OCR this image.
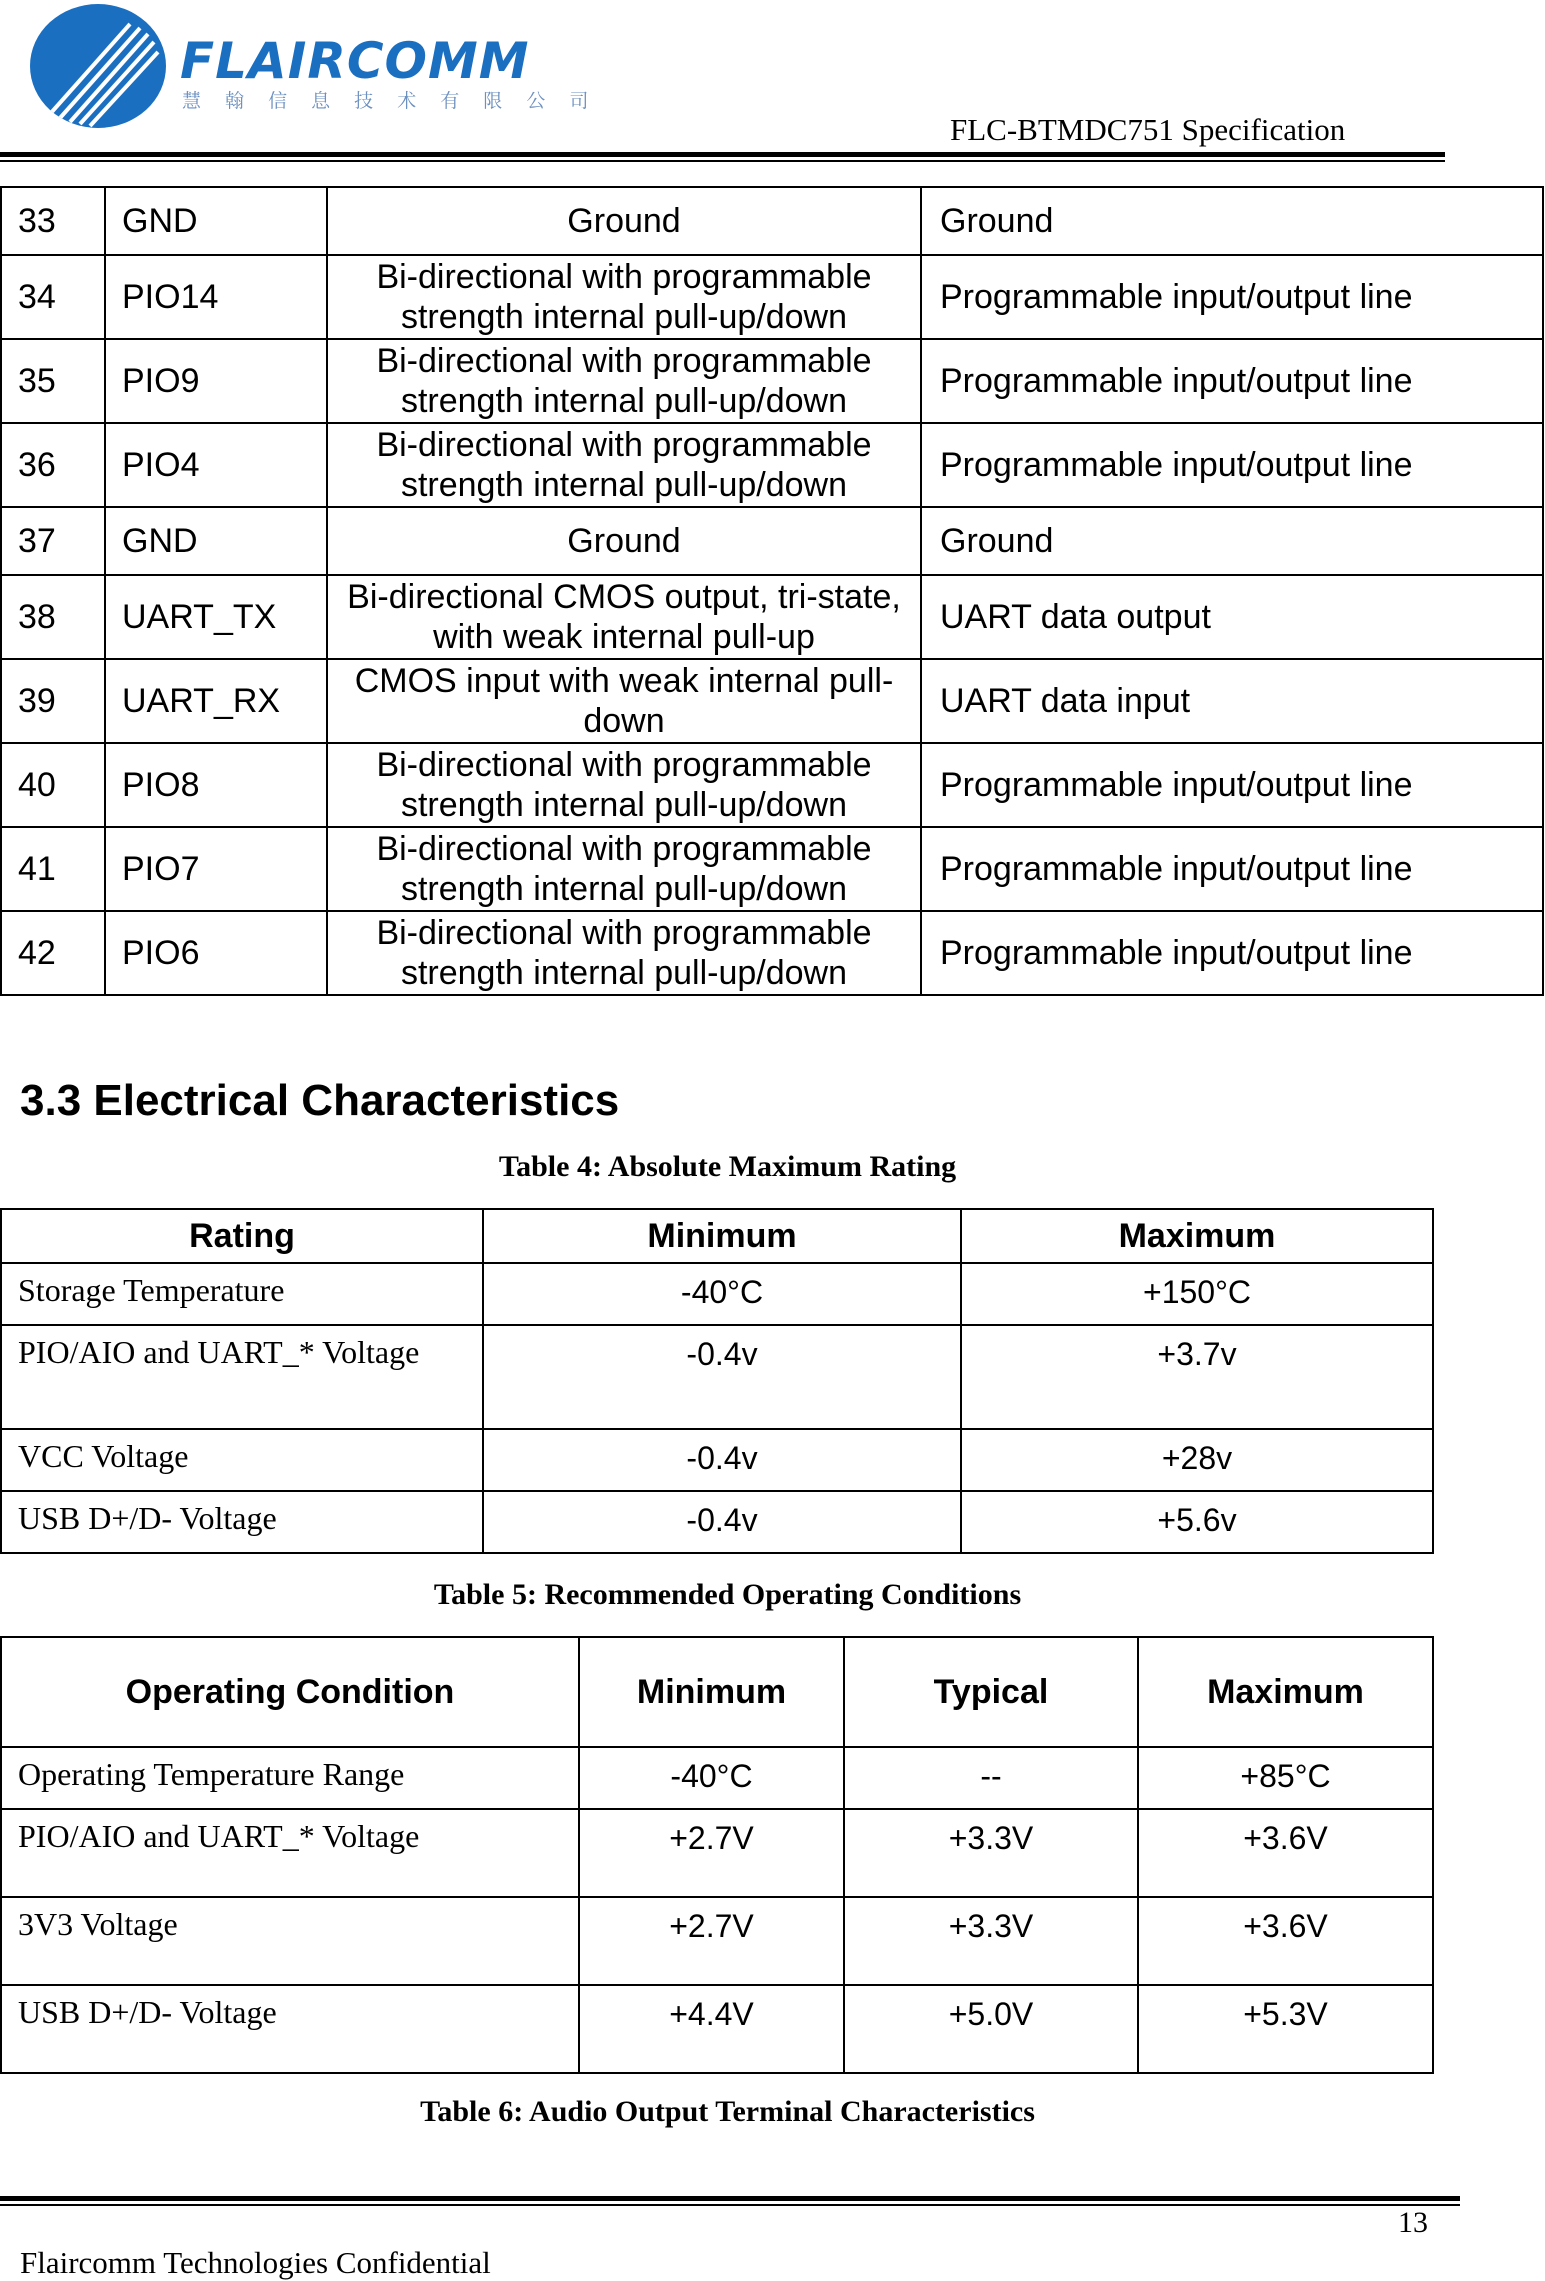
FLAIRCOMM
慧 翰 信 息 技 术 有 限 公 司
FLC-BTMDC751 Specification
33	GND	Ground	Ground
34	PIO14	Bi-directional with programmable strength internal pull-up/down	Programmable input/output line
35	PIO9	Bi-directional with programmable strength internal pull-up/down	Programmable input/output line
36	PIO4	Bi-directional with programmable strength internal pull-up/down	Programmable input/output line
37	GND	Ground	Ground
38	UART_TX	Bi-directional CMOS output, tri-state, with weak internal pull-up	UART data output
39	UART_RX	CMOS input with weak internal pull-down	UART data input
40	PIO8	Bi-directional with programmable strength internal pull-up/down	Programmable input/output line
41	PIO7	Bi-directional with programmable strength internal pull-up/down	Programmable input/output line
42	PIO6	Bi-directional with programmable strength internal pull-up/down	Programmable input/output line
3.3 Electrical Characteristics
Table 4: Absolute Maximum Rating
Rating	Minimum	Maximum
Storage Temperature	-40°C	+150°C
PIO/AIO and UART_* Voltage	-0.4v	+3.7v
VCC Voltage	-0.4v	+28v
USB D+/D- Voltage	-0.4v	+5.6v
Table 5: Recommended Operating Conditions
Operating Condition	Minimum	Typical	Maximum
Operating Temperature Range	-40°C	--	+85°C
PIO/AIO and UART_* Voltage	+2.7V	+3.3V	+3.6V
3V3 Voltage	+2.7V	+3.3V	+3.6V
USB D+/D- Voltage	+4.4V	+5.0V	+5.3V
Table 6: Audio Output Terminal Characteristics
13
Flaircomm Technologies Confidential
